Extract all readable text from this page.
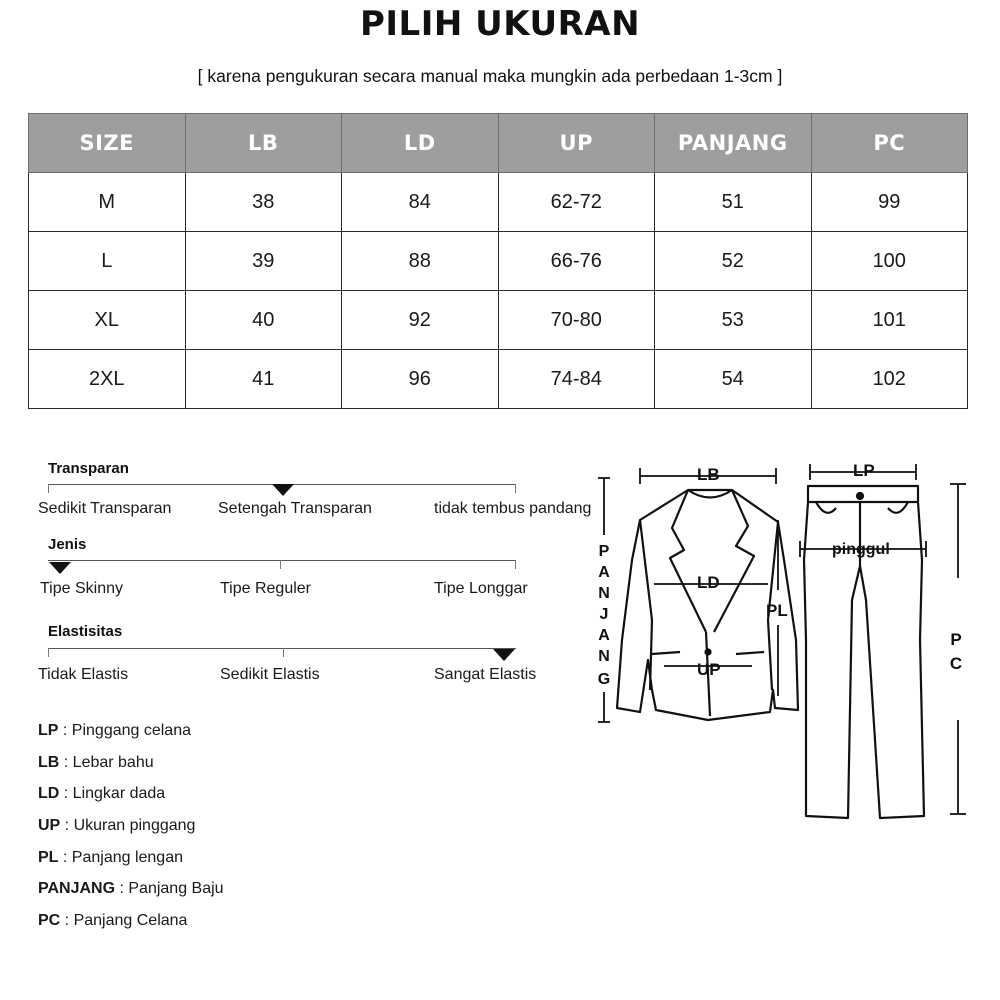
PILIH UKURAN
[ karena pengukuran secara manual maka mungkin ada perbedaan 1-3cm ]
SIZE	LB	LD	UP	PANJANG	PC
M	38	84	62-72	51	99
L	39	88	66-76	52	100
XL	40	92	70-80	53	101
2XL	41	96	74-84	54	102
Transparan
Sedikit Transparan	Setengah Transparan	tidak tembus pandang
Jenis
Tipe Skinny	Tipe Reguler	Tipe Longgar
Elastisitas
Tidak Elastis	Sedikit Elastis	Sangat Elastis
LP : Pinggang celana
LB : Lebar bahu
LD : Lingkar dada
UP : Ukuran pinggang
PL : Panjang lengan
PANJANG : Panjang Baju
PC : Panjang Celana
LB	LP
LD
UP
PL
pinggul
P
A
N
J
A
N
G
P
C
